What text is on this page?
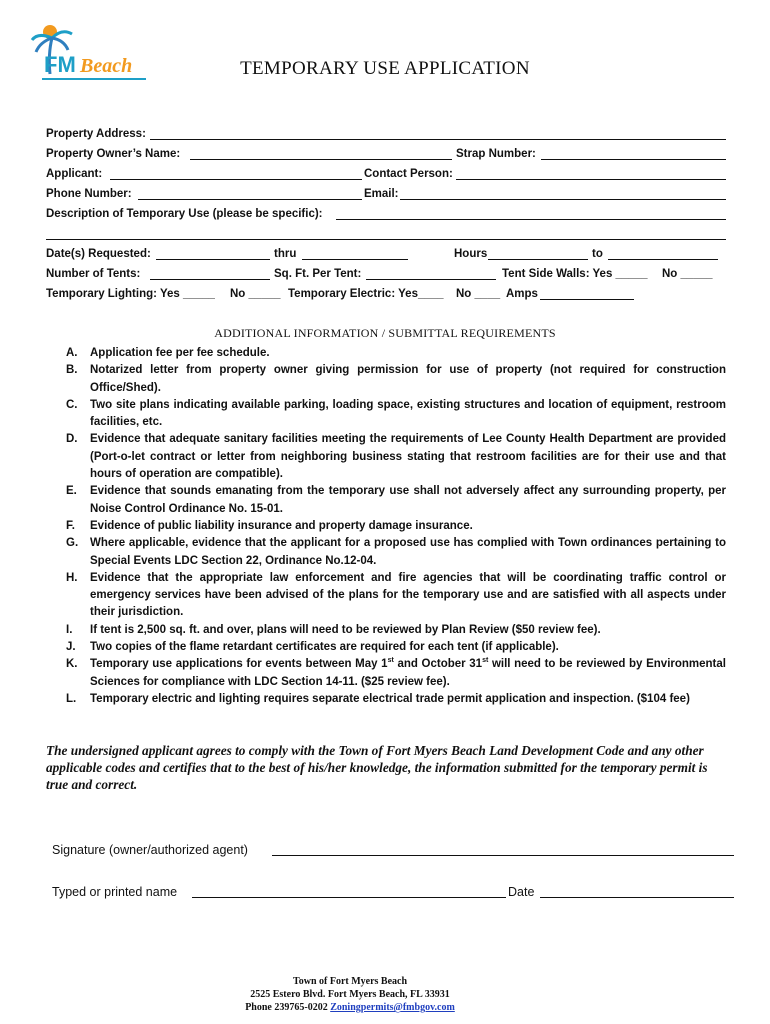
FM Beach	TEMPORARY USE APPLICATION
Property Address:
Property Owner’s Name:	Strap Number:
Applicant:	Contact Person:
Phone Number:	Email:
Description of Temporary Use (please be specific):
Date(s) Requested:	thru	Hours	to
Number of Tents:	Sq. Ft. Per Tent:	Tent Side Walls: Yes _____ No _____
Temporary Lighting: Yes _____ No _____ Temporary Electric: Yes____ No ____ Amps
ADDITIONAL INFORMATION / SUBMITTAL REQUIREMENTS
A.	Application fee per fee schedule.
B.	Notarized letter from property owner giving permission for use of property (not required for construction Office/Shed).
C.	Two site plans indicating available parking, loading space, existing structures and location of equipment, restroom facilities, etc.
D.	Evidence that adequate sanitary facilities meeting the requirements of Lee County Health Department are provided (Port-o-let contract or letter from neighboring business stating that restroom facilities are for their use and that hours of operation are compatible).
E.	Evidence that sounds emanating from the temporary use shall not adversely affect any surrounding property, per Noise Control Ordinance No. 15-01.
F.	Evidence of public liability insurance and property damage insurance.
G.	Where applicable, evidence that the applicant for a proposed use has complied with Town ordinances pertaining to Special Events LDC Section 22, Ordinance No.12-04.
H.	Evidence that the appropriate law enforcement and fire agencies that will be coordinating traffic control or emergency services have been advised of the plans for the temporary use and are satisfied with all aspects under their jurisdiction.
I.	If tent is 2,500 sq. ft. and over, plans will need to be reviewed by Plan Review ($50 review fee).
J.	Two copies of the flame retardant certificates are required for each tent (if applicable).
K.	Temporary use applications for events between May 1st and October 31st will need to be reviewed by Environmental Sciences for compliance with LDC Section 14-11. ($25 review fee).
L.	Temporary electric and lighting requires separate electrical trade permit application and inspection. ($104 fee)
The undersigned applicant agrees to comply with the Town of Fort Myers Beach Land Development Code and any other applicable codes and certifies that to the best of his/her knowledge, the information submitted for the temporary permit is true and correct.
Signature (owner/authorized agent)
Typed or printed name	Date
Town of Fort Myers Beach
2525 Estero Blvd. Fort Myers Beach, FL 33931
Phone 239765-0202 Zoningpermits@fmbgov.com
